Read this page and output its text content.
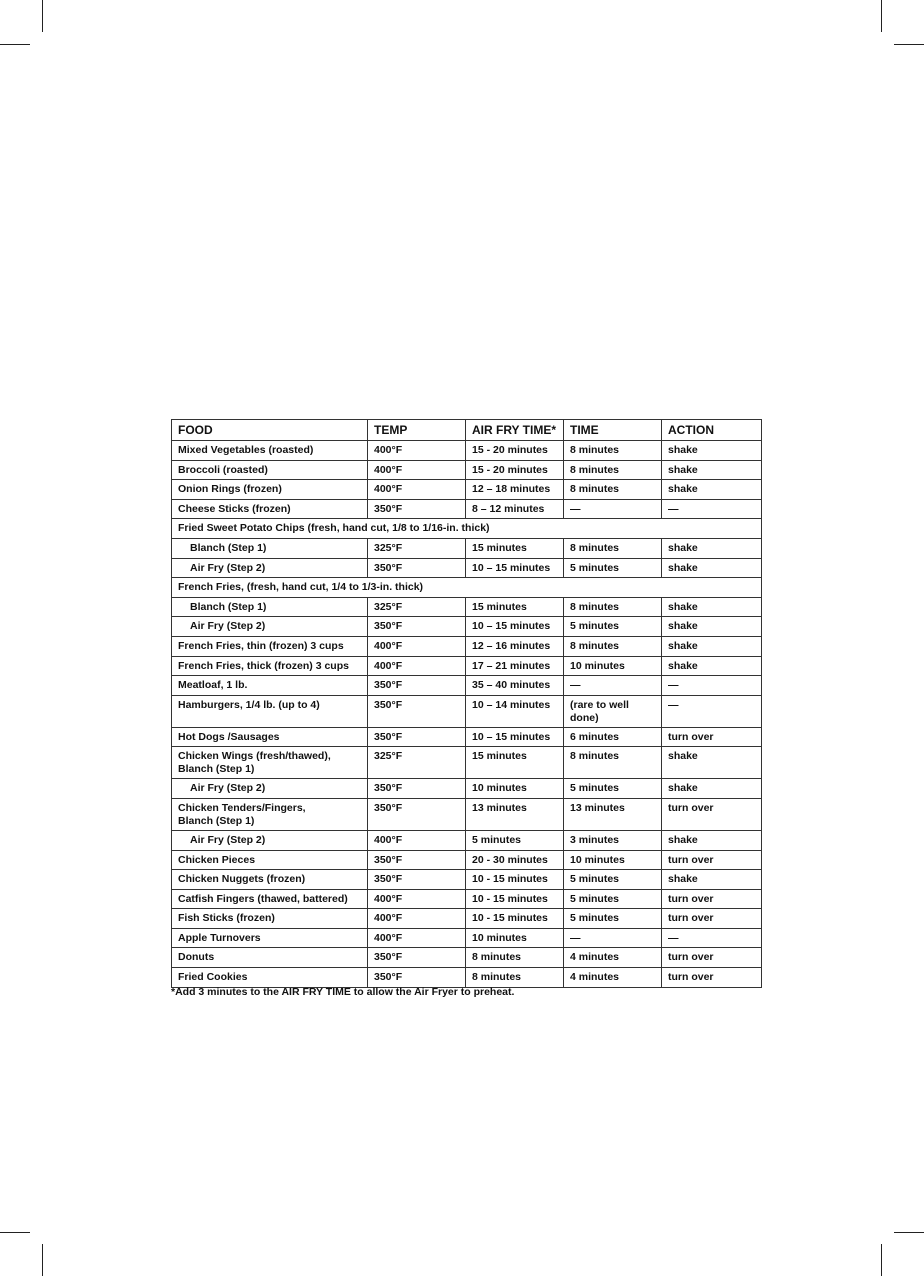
FOOD	TEMP	AIR FRY TIME*	TIME	ACTION

Mixed Vegetables (roasted)	400°F	15 - 20 minutes	8 minutes	shake

Broccoli (roasted)	400°F	15 - 20 minutes	8 minutes	shake

Onion Rings (frozen)	400°F	12 – 18 minutes	8 minutes	shake

Cheese Sticks (frozen)	350°F	8 – 12 minutes	—	—
Fried Sweet Potato Chips (fresh, hand cut, 1/8 to 1/16-in. thick)				

Blanch (Step 1)	325°F	15 minutes	8 minutes	shake

Air Fry (Step 2)	350°F	10 – 15 minutes	5 minutes	shake
French Fries, (fresh, hand cut, 1/4 to 1/3-in. thick)				

Blanch (Step 1)	325°F	15 minutes	8 minutes	shake

Air Fry (Step 2)	350°F	10 – 15 minutes	5 minutes	shake

French Fries, thin (frozen) 3 cups	400°F	12 – 16 minutes	8 minutes	shake

French Fries, thick (frozen) 3 cups	400°F	17 – 21 minutes	10 minutes	shake

Meatloaf, 1 lb.	350°F	35 – 40 minutes	—	—

Hamburgers, 1/4 lb. (up to 4)	350°F	10 – 14 minutes	(rare to well done)	—

Hot Dogs /Sausages	350°F	10 – 15 minutes	6 minutes	turn over

Chicken Wings (fresh/thawed),
Blanch (Step 1)	325°F	15 minutes	8 minutes	shake

Air Fry (Step 2)	350°F	10 minutes	5 minutes	shake

Chicken Tenders/Fingers,
Blanch (Step 1)	350°F	13 minutes	13 minutes	turn over

Air Fry (Step 2)	400°F	5 minutes	3 minutes	shake

Chicken Pieces	350°F	20 - 30 minutes	10 minutes	turn over

Chicken Nuggets (frozen)	350°F	10 - 15 minutes	5 minutes	shake

Catfish Fingers (thawed, battered)	400°F	10 - 15 minutes	5 minutes	turn over

Fish Sticks (frozen)	400°F	10 - 15 minutes	5 minutes	turn over

Apple Turnovers	400°F	10 minutes	—	—

Donuts	350°F	8 minutes	4 minutes	turn over

Fried Cookies	350°F	8 minutes	4 minutes	turn over
*Add 3 minutes to the AIR FRY TIME to allow the Air Fryer to preheat.
